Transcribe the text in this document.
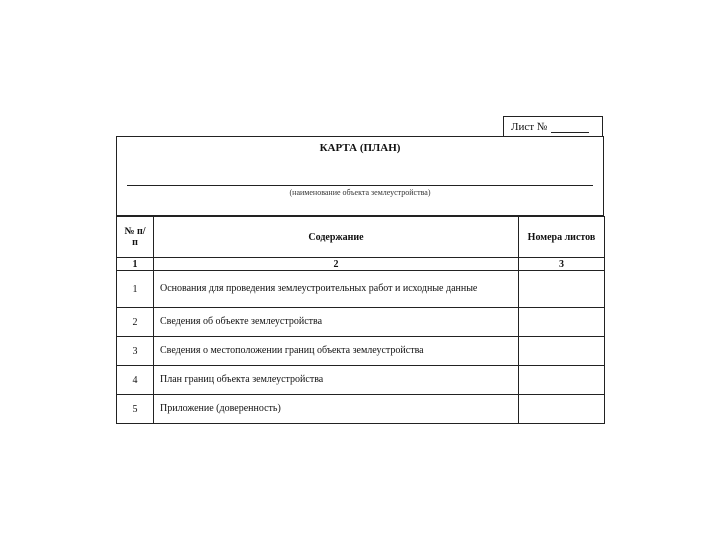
Лист №
КАРТА (ПЛАН)
(наименование объекта землеустройства)
№ п/п	Содержание	Номера листов
1	2	3
1	Основания для проведения землеустроительных работ и исходные данные	
2	Сведения об объекте землеустройства	
3	Сведения о местоположении границ объекта землеустройства	
4	План границ объекта землеустройства	
5	Приложение (доверенность)	
